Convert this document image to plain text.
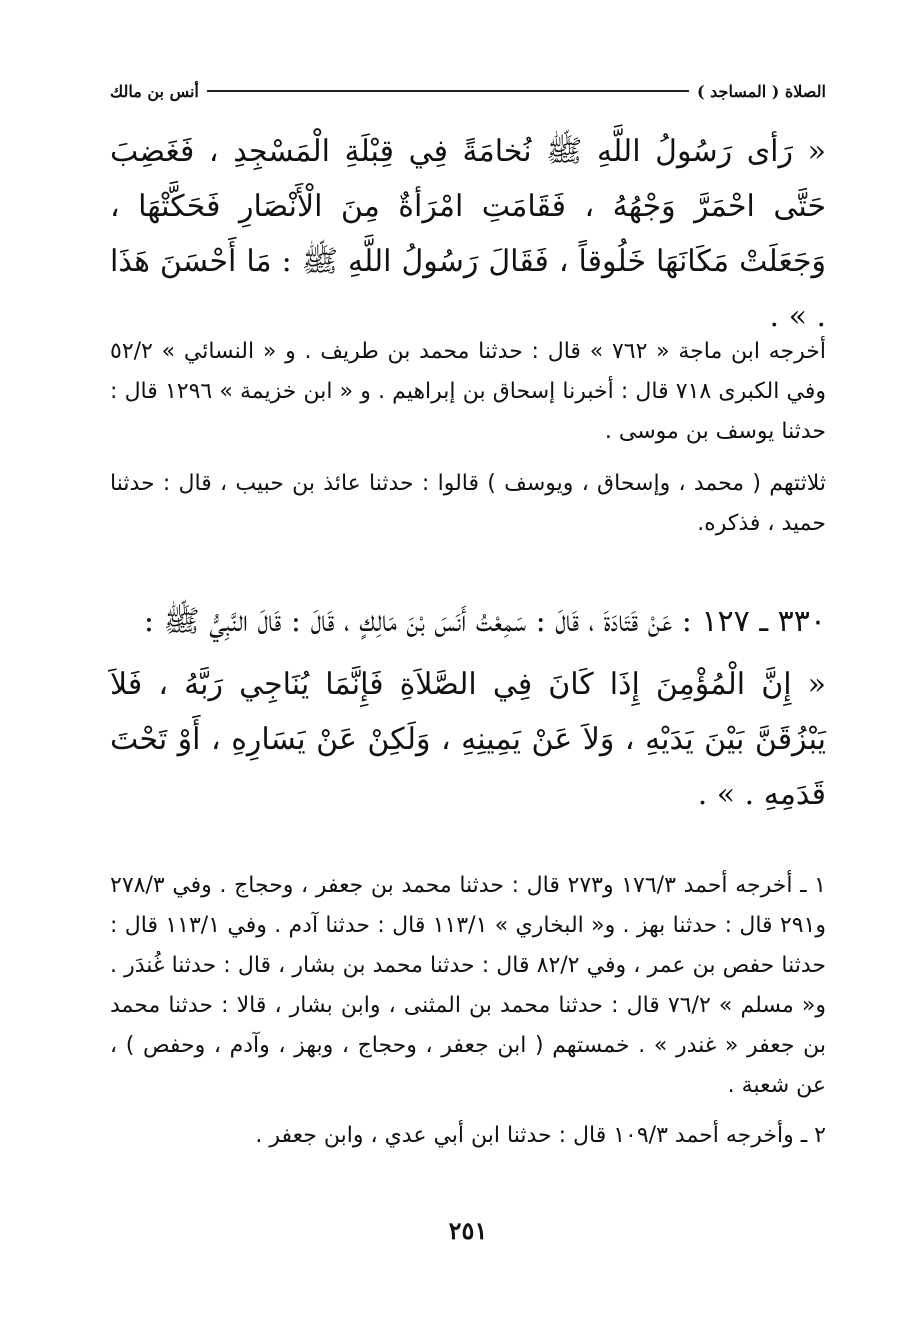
الصلاة ( المساجد )
أنس بن مالك

« رَأى رَسُولُ اللَّهِ ﷺ نُخامَةً فِي قِبْلَةِ الْمَسْجِدِ ، فَغَضِبَ حَتَّى احْمَرَّ وَجْهُهُ ، فَقَامَتِ امْرَأةٌ مِنَ الْأَنْصَارِ فَحَكَّتْهَا ، وَجَعَلَتْ مَكَانَهَا خَلُوقاً ، فَقَالَ رَسُولُ اللَّهِ ﷺ : مَا أَحْسَنَ هَذَا . » .

أخرجه ابن ماجة « ٧٦٢ » قال : حدثنا محمد بن طريف . و « النسائي » ٥٢/٢ وفي الكبرى ٧١٨ قال : أخبرنا إسحاق بن إبراهيم . و « ابن خزيمة » ١٢٩٦ قال : حدثنا يوسف بن موسى .

ثلاثتهم ( محمد ، وإسحاق ، ويوسف ) قالوا : حدثنا عائذ بن حبيب ، قال : حدثنا حميد ، فذكره.

٣٣٠ ـ ١٢٧ : عَنْ قَتَادَةَ ، قَالَ : سَمِعْتُ أَنَسَ بْنَ مَالِكٍ ، قَالَ : قَالَ النَّبِيُّ ﷺ :

« إِنَّ الْمُؤْمِنَ إِذَا كَانَ فِي الصَّلاَةِ فَإِنَّمَا يُنَاجِي رَبَّهُ ، فَلاَ يَبْزُقَنَّ بَيْنَ يَدَيْهِ ، وَلاَ عَنْ يَمِينِهِ ، وَلَكِنْ عَنْ يَسَارِهِ ، أَوْ تَحْتَ قَدَمِهِ . » .

١ ـ أخرجه أحمد ١٧٦/٣ و٢٧٣ قال : حدثنا محمد بن جعفر ، وحجاج . وفي ٢٧٨/٣ و٢٩١ قال : حدثنا بهز . و« البخاري » ١١٣/١ قال : حدثنا آدم . وفي ١١٣/١ قال : حدثنا حفص بن عمر ، وفي ٨٢/٢ قال : حدثنا محمد بن بشار ، قال : حدثنا غُندَر . و« مسلم » ٧٦/٢ قال : حدثنا محمد بن المثنى ، وابن بشار ، قالا : حدثنا محمد بن جعفر « غندر » . خمستهم ( ابن جعفر ، وحجاج ، وبهز ، وآدم ، وحفص ) ، عن شعبة .

٢ ـ وأخرجه أحمد ١٠٩/٣ قال : حدثنا ابن أبي عدي ، وابن جعفر .

٢٥١
